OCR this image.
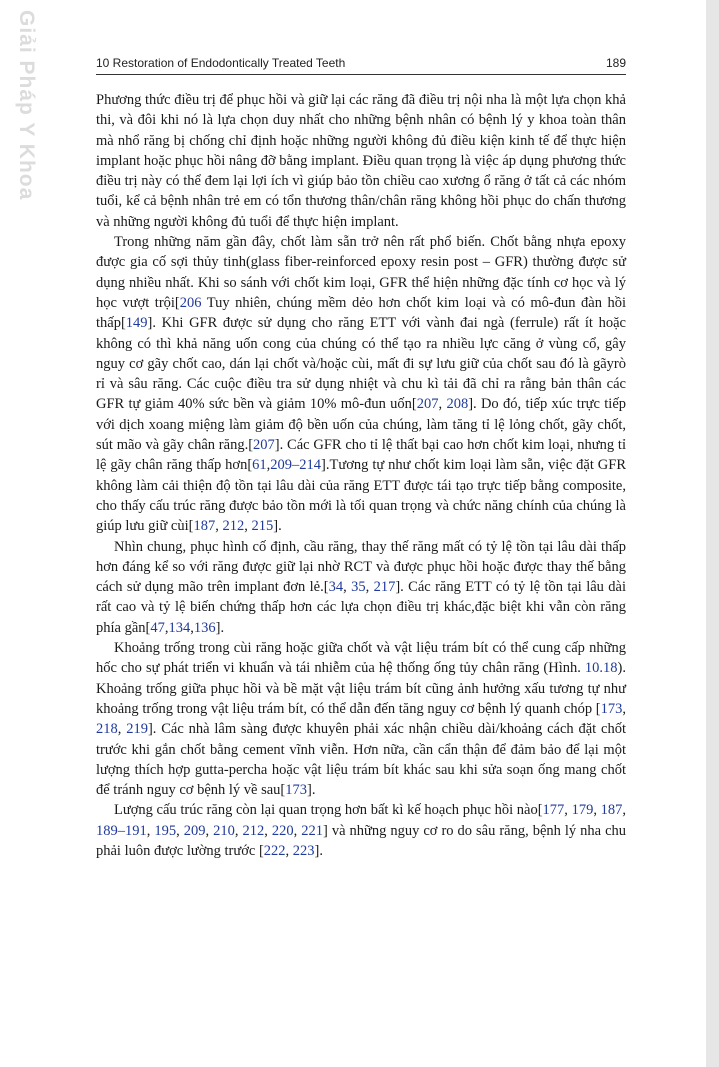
Giải Pháp Y Khoa	10 Restoration of Endodontically Treated Teeth	189

Phương thức điều trị để phục hồi và giữ lại các răng đã điều trị nội nha là một lựa chọn khả thi, và đôi khi nó là lựa chọn duy nhất cho những bệnh nhân có bệnh lý y khoa toàn thân mà nhổ răng bị chống chỉ định hoặc những người không đủ điều kiện kinh tế để thực hiện implant hoặc phục hồi nâng đỡ bằng implant. Điều quan trọng là việc áp dụng phương thức điều trị này có thể đem lại lợi ích vì giúp bảo tồn chiều cao xương ổ răng ở tất cả các nhóm tuổi, kể cả bệnh nhân trẻ em có tổn thương thân/chân răng không hồi phục do chấn thương và những người không đủ tuổi để thực hiện implant.

Trong những năm gần đây, chốt làm sẵn trở nên rất phổ biến. Chốt bằng nhựa epoxy được gia cố sợi thủy tinh(glass fiber-reinforced epoxy resin post – GFR) thường được sử dụng nhiều nhất. Khi so sánh với chốt kim loại, GFR thể hiện những đặc tính cơ học và lý học vượt trội[206 Tuy nhiên, chúng mềm dẻo hơn chốt kim loại và có mô-đun đàn hồi thấp[149]. Khi GFR được sử dụng cho răng ETT với vành đai ngà (ferrule) rất ít hoặc không có thì khả năng uốn cong của chúng có thể tạo ra nhiều lực căng ở vùng cổ, gây nguy cơ gãy chốt cao, dán lại chốt và/hoặc cùi, mất đi sự lưu giữ của chốt sau đó là gãyrò rỉ và sâu răng. Các cuộc điều tra sử dụng nhiệt và chu kì tải đã chỉ ra rằng bản thân các GFR tự giảm 40% sức bền và giảm 10% mô-đun uốn[207, 208]. Do đó, tiếp xúc trực tiếp với dịch xoang miệng làm giảm độ bền uốn của chúng, làm tăng tỉ lệ lỏng chốt, gãy chốt, sút mão và gãy chân răng.[207]. Các GFR cho tỉ lệ thất bại cao hơn chốt kim loại, nhưng tỉ lệ gãy chân răng thấp hơn[61,209–214].Tương tự như chốt kim loại làm sẵn, việc đặt GFR không làm cải thiện độ tồn tại lâu dài của răng ETT được tái tạo trực tiếp bằng composite, cho thấy cấu trúc răng được bảo tồn mới là tối quan trọng và chức năng chính của chúng là giúp lưu giữ cùi[187, 212, 215].

Nhìn chung, phục hình cố định, cầu răng, thay thế răng mất có tỷ lệ tồn tại lâu dài thấp hơn đáng kể so với răng được giữ lại nhờ RCT và được phục hồi hoặc được thay thế bằng cách sử dụng mão trên implant đơn lẻ.[34, 35, 217]. Các răng ETT có tỷ lệ tồn tại lâu dài rất cao và tỷ lệ biến chứng thấp hơn các lựa chọn điều trị khác,đặc biệt khi vẫn còn răng phía gần[47,134,136].

Khoảng trống trong cùi răng hoặc giữa chốt và vật liệu trám bít có thể cung cấp những hốc cho sự phát triển vi khuẩn và tái nhiễm của hệ thống ống tủy chân răng (Hình. 10.18). Khoảng trống giữa phục hồi và bề mặt vật liệu trám bít cũng ảnh hưởng xấu tương tự như khoảng trống trong vật liệu trám bít, có thể dẫn đến tăng nguy cơ bệnh lý quanh chóp [173, 218, 219]. Các nhà lâm sàng được khuyên phải xác nhận chiều dài/khoảng cách đặt chốt trước khi gắn chốt bằng cement vĩnh viễn. Hơn nữa, cần cẩn thận để đảm bảo để lại một lượng thích hợp gutta-percha hoặc vật liệu trám bít khác sau khi sửa soạn ống mang chốt để tránh nguy cơ bệnh lý về sau[173].

Lượng cấu trúc răng còn lại quan trọng hơn bất kì kế hoạch phục hồi nào[177, 179, 187, 189–191, 195, 209, 210, 212, 220, 221] và những nguy cơ ro do sâu răng, bệnh lý nha chu phải luôn được lường trước [222, 223].
